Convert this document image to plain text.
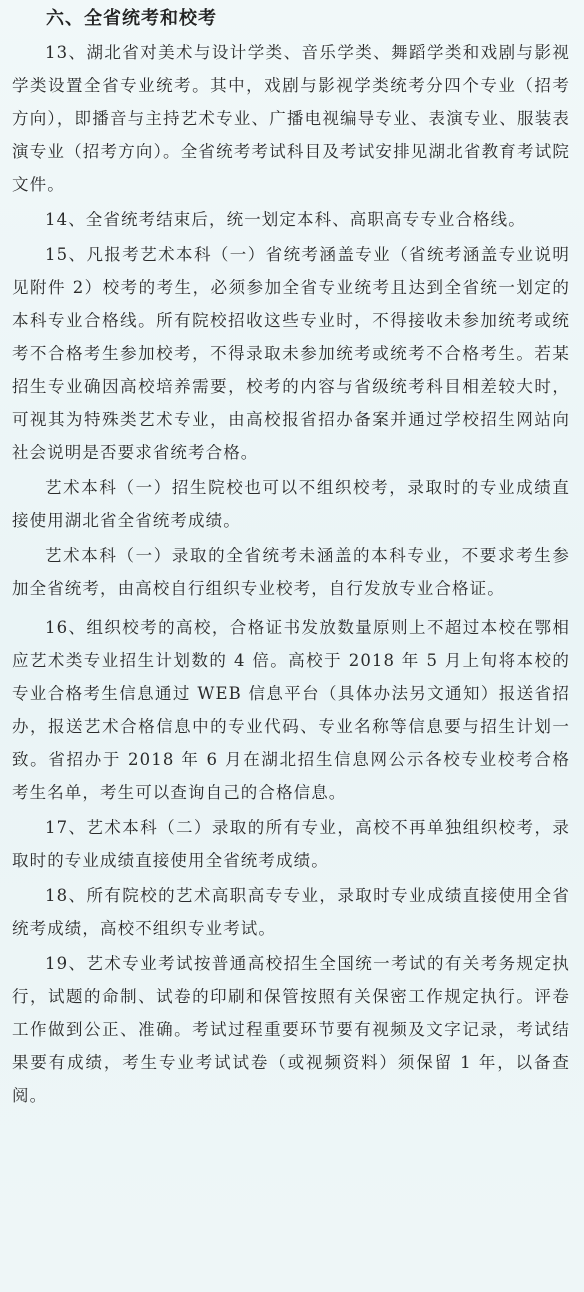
六、全省统考和校考

13、湖北省对美术与设计学类、音乐学类、舞蹈学类和戏剧与影视学类设置全省专业统考。其中，戏剧与影视学类统考分四个专业（招考方向），即播音与主持艺术专业、广播电视编导专业、表演专业、服装表演专业（招考方向）。全省统考考试科目及考试安排见湖北省教育考试院文件。

14、全省统考结束后，统一划定本科、高职高专专业合格线。

15、凡报考艺术本科（一）省统考涵盖专业（省统考涵盖专业说明见附件 2）校考的考生，必须参加全省专业统考且达到全省统一划定的本科专业合格线。所有院校招收这些专业时，不得接收未参加统考或统考不合格考生参加校考，不得录取未参加统考或统考不合格考生。若某招生专业确因高校培养需要，校考的内容与省级统考科目相差较大时，可视其为特殊类艺术专业，由高校报省招办备案并通过学校招生网站向社会说明是否要求省统考合格。

艺术本科（一）招生院校也可以不组织校考，录取时的专业成绩直接使用湖北省全省统考成绩。

艺术本科（一）录取的全省统考未涵盖的本科专业，不要求考生参加全省统考，由高校自行组织专业校考，自行发放专业合格证。

16、组织校考的高校，合格证书发放数量原则上不超过本校在鄂相应艺术类专业招生计划数的 4 倍。高校于 2018 年 5 月上旬将本校的专业合格考生信息通过 WEB 信息平台（具体办法另文通知）报送省招办，报送艺术合格信息中的专业代码、专业名称等信息要与招生计划一致。省招办于 2018 年 6 月在湖北招生信息网公示各校专业校考合格考生名单，考生可以查询自己的合格信息。

17、艺术本科（二）录取的所有专业，高校不再单独组织校考，录取时的专业成绩直接使用全省统考成绩。

18、所有院校的艺术高职高专专业，录取时专业成绩直接使用全省统考成绩，高校不组织专业考试。

19、艺术专业考试按普通高校招生全国统一考试的有关考务规定执行，试题的命制、试卷的印刷和保管按照有关保密工作规定执行。评卷工作做到公正、准确。考试过程重要环节要有视频及文字记录，考试结果要有成绩，考生专业考试试卷（或视频资料）须保留 1 年，以备查阅。
